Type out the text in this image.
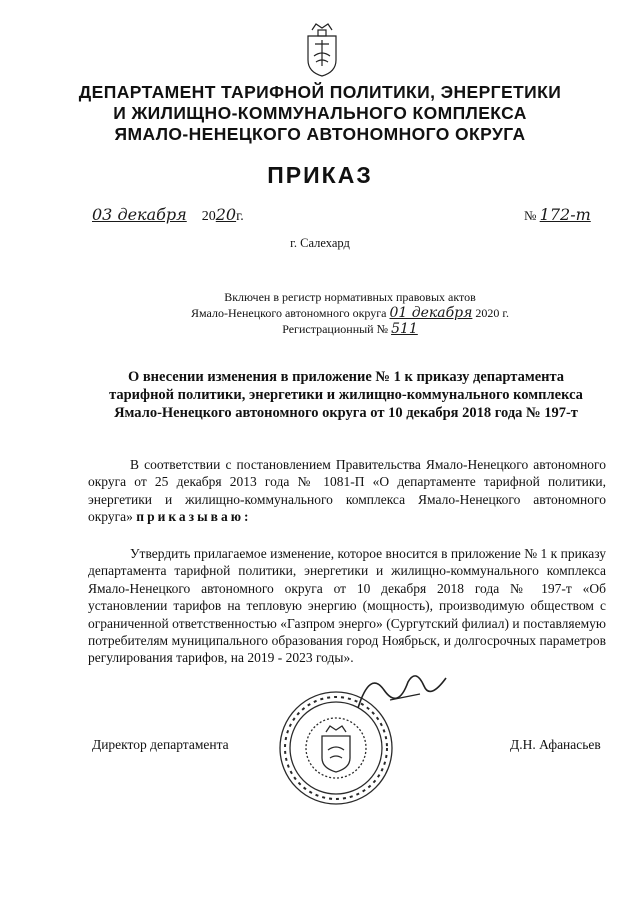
ДЕПАРТАМЕНТ ТАРИФНОЙ ПОЛИТИКИ, ЭНЕРГЕТИКИ
И ЖИЛИЩНО-КОММУНАЛЬНОГО КОМПЛЕКСА
ЯМАЛО-НЕНЕЦКОГО АВТОНОМНОГО ОКРУГА
ПРИКАЗ
03 декабря 2020г.	№ 172-т
г. Салехард
Включен в регистр нормативных правовых актов
Ямало-Ненецкого автономного округа 01 декабря 2020 г.
Регистрационный № 511
О внесении изменения в приложение № 1 к приказу департамента тарифной политики, энергетики и жилищно-коммунального комплекса Ямало-Ненецкого автономного округа от 10 декабря 2018 года № 197-т
В соответствии с постановлением Правительства Ямало-Ненецкого автономного округа от 25 декабря 2013 года № 1081-П «О департаменте тарифной политики, энергетики и жилищно-коммунального комплекса Ямало-Ненецкого автономного округа» приказываю:
Утвердить прилагаемое изменение, которое вносится в приложение № 1 к приказу департамента тарифной политики, энергетики и жилищно-коммунального комплекса Ямало-Ненецкого автономного округа от 10 декабря 2018 года № 197-т «Об установлении тарифов на тепловую энергию (мощность), производимую обществом с ограниченной ответственностью «Газпром энерго» (Сургутский филиал) и поставляемую потребителям муниципального образования город Ноябрьск, и долгосрочных параметров регулирования тарифов, на 2019 - 2023 годы».
Директор департамента	Д.Н. Афанасьев
